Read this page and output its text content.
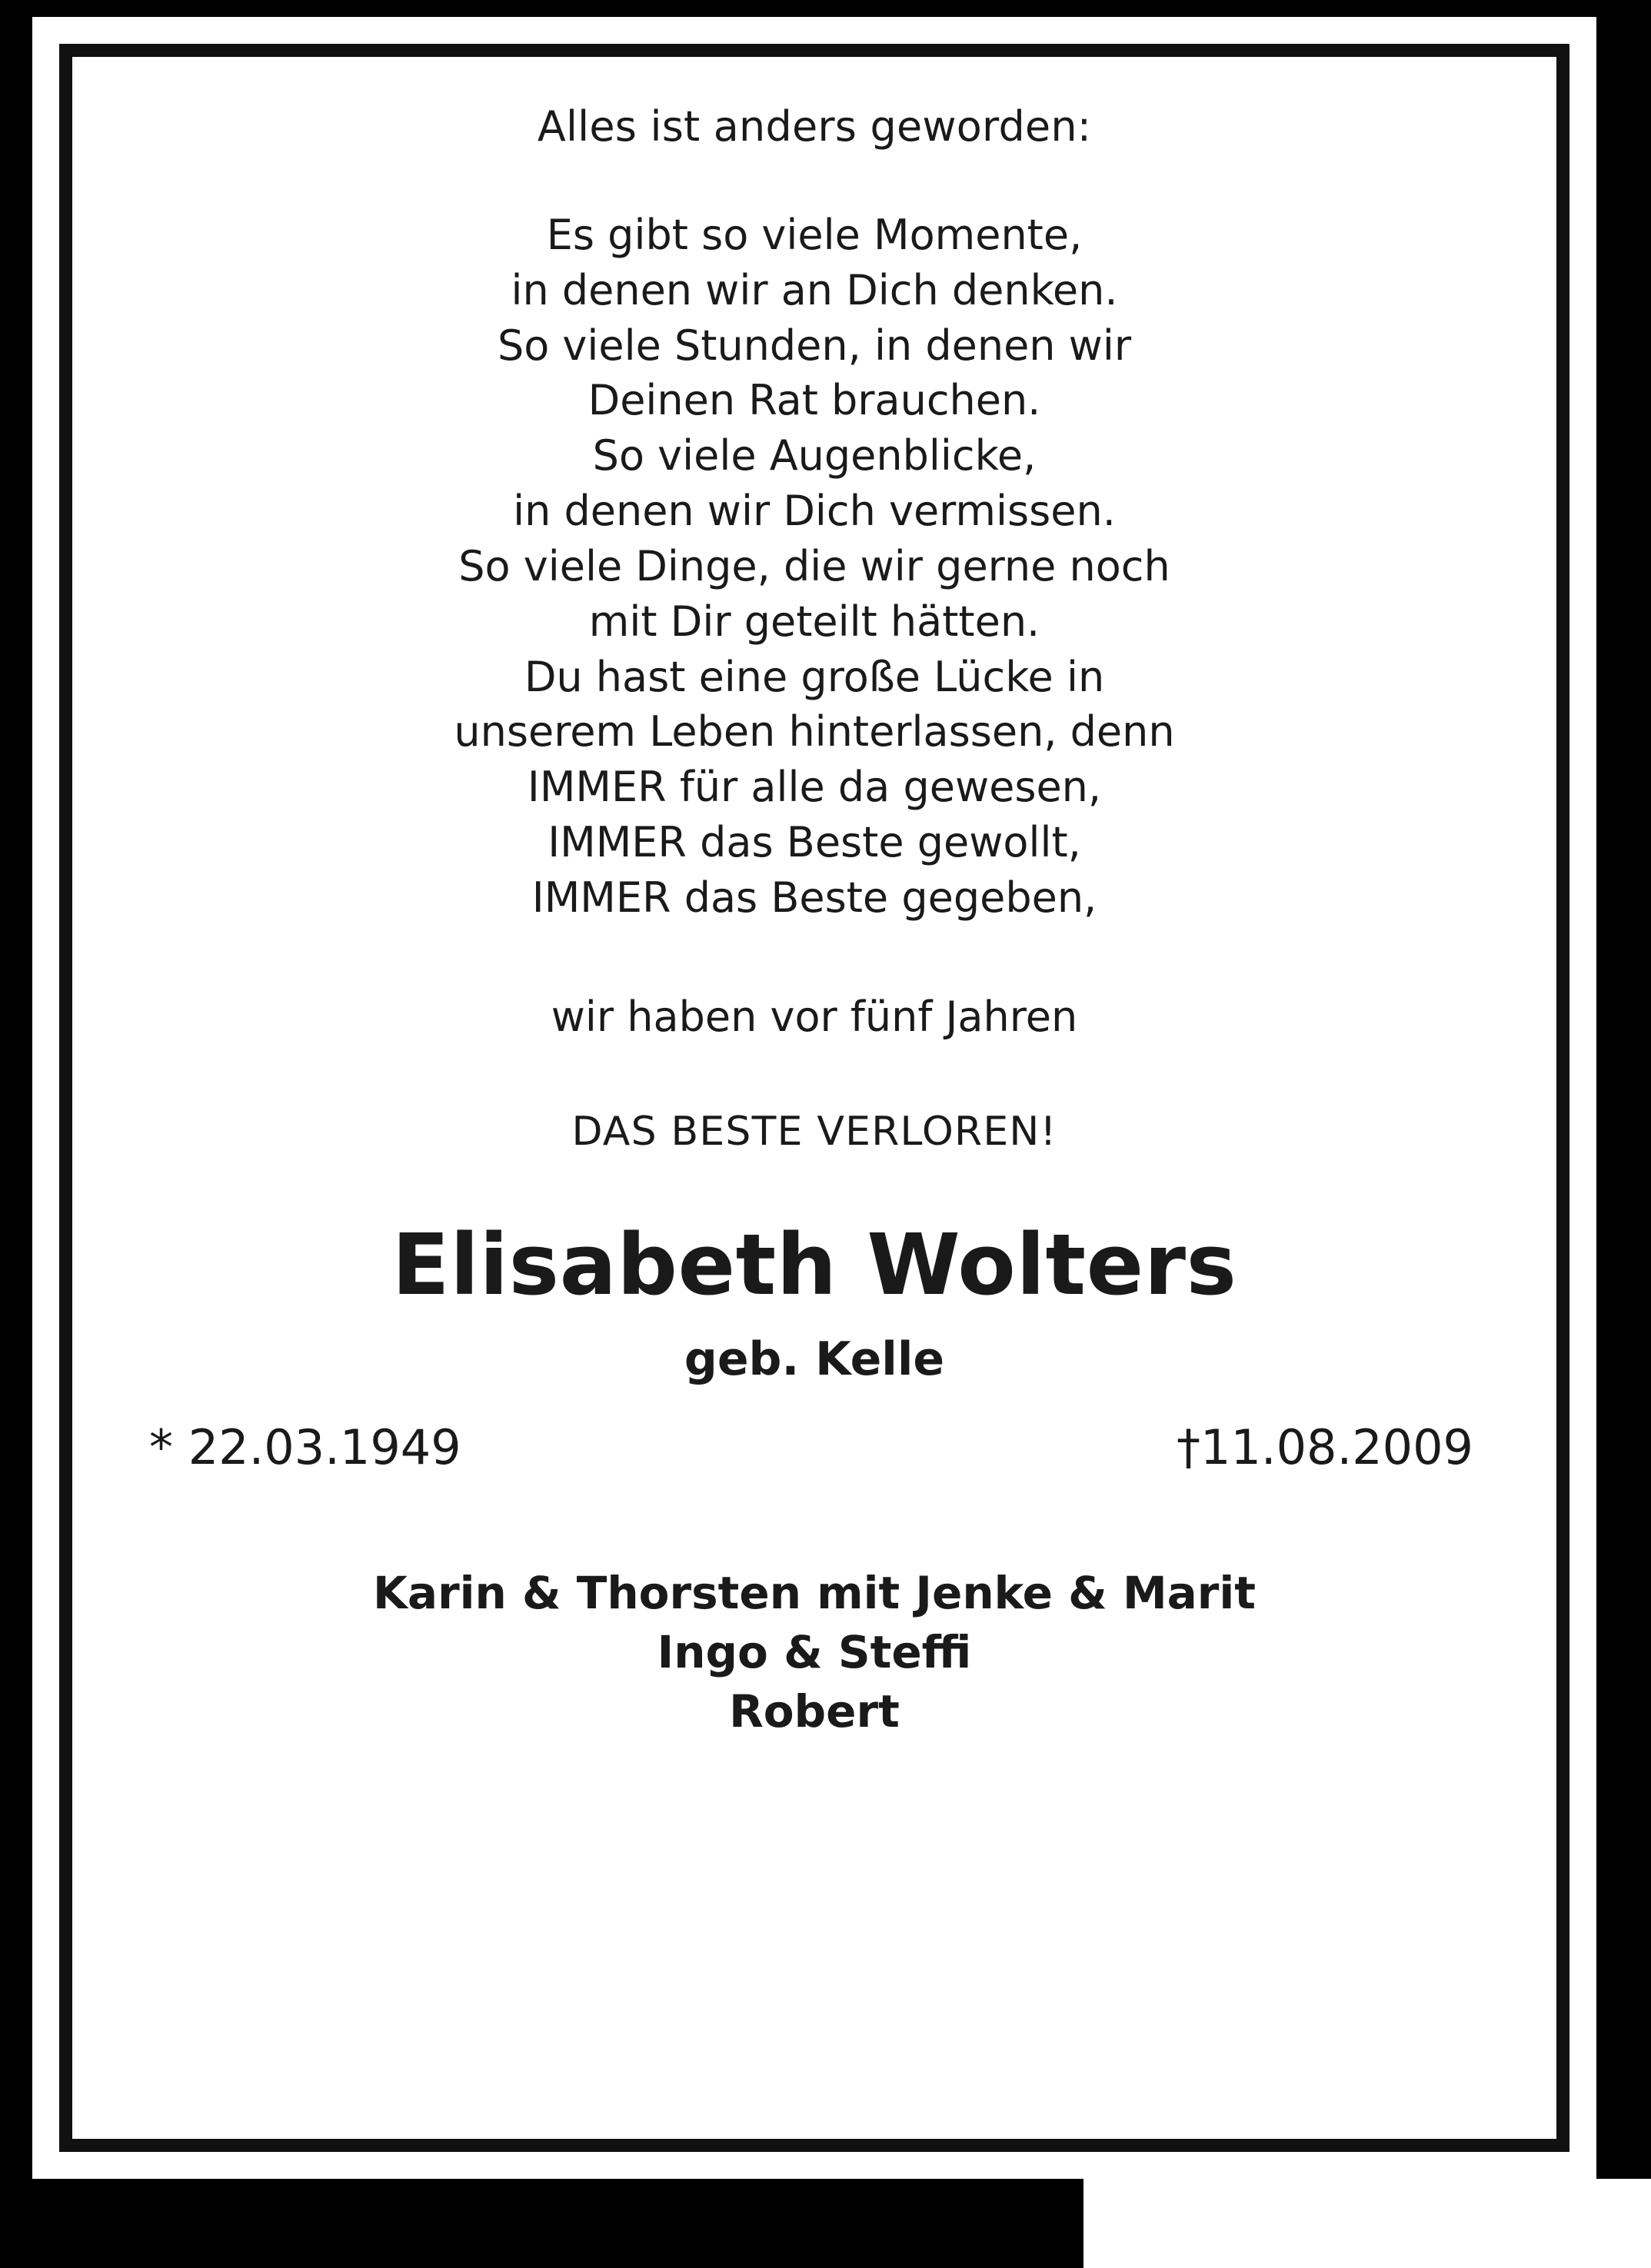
Alles ist anders geworden:

Es gibt so viele Momente,
in denen wir an Dich denken.
So viele Stunden, in denen wir
Deinen Rat brauchen.
So viele Augenblicke,
in denen wir Dich vermissen.
So viele Dinge, die wir gerne noch
mit Dir geteilt hätten.
Du hast eine große Lücke in
unserem Leben hinterlassen, denn
IMMER für alle da gewesen,
IMMER das Beste gewollt,
IMMER das Beste gegeben,

wir haben vor fünf Jahren

DAS BESTE VERLOREN!

Elisabeth Wolters

geb. Kelle

* 22.03.1949	†11.08.2009
Karin & Thorsten mit Jenke & Marit
Ingo & Steffi
Robert
